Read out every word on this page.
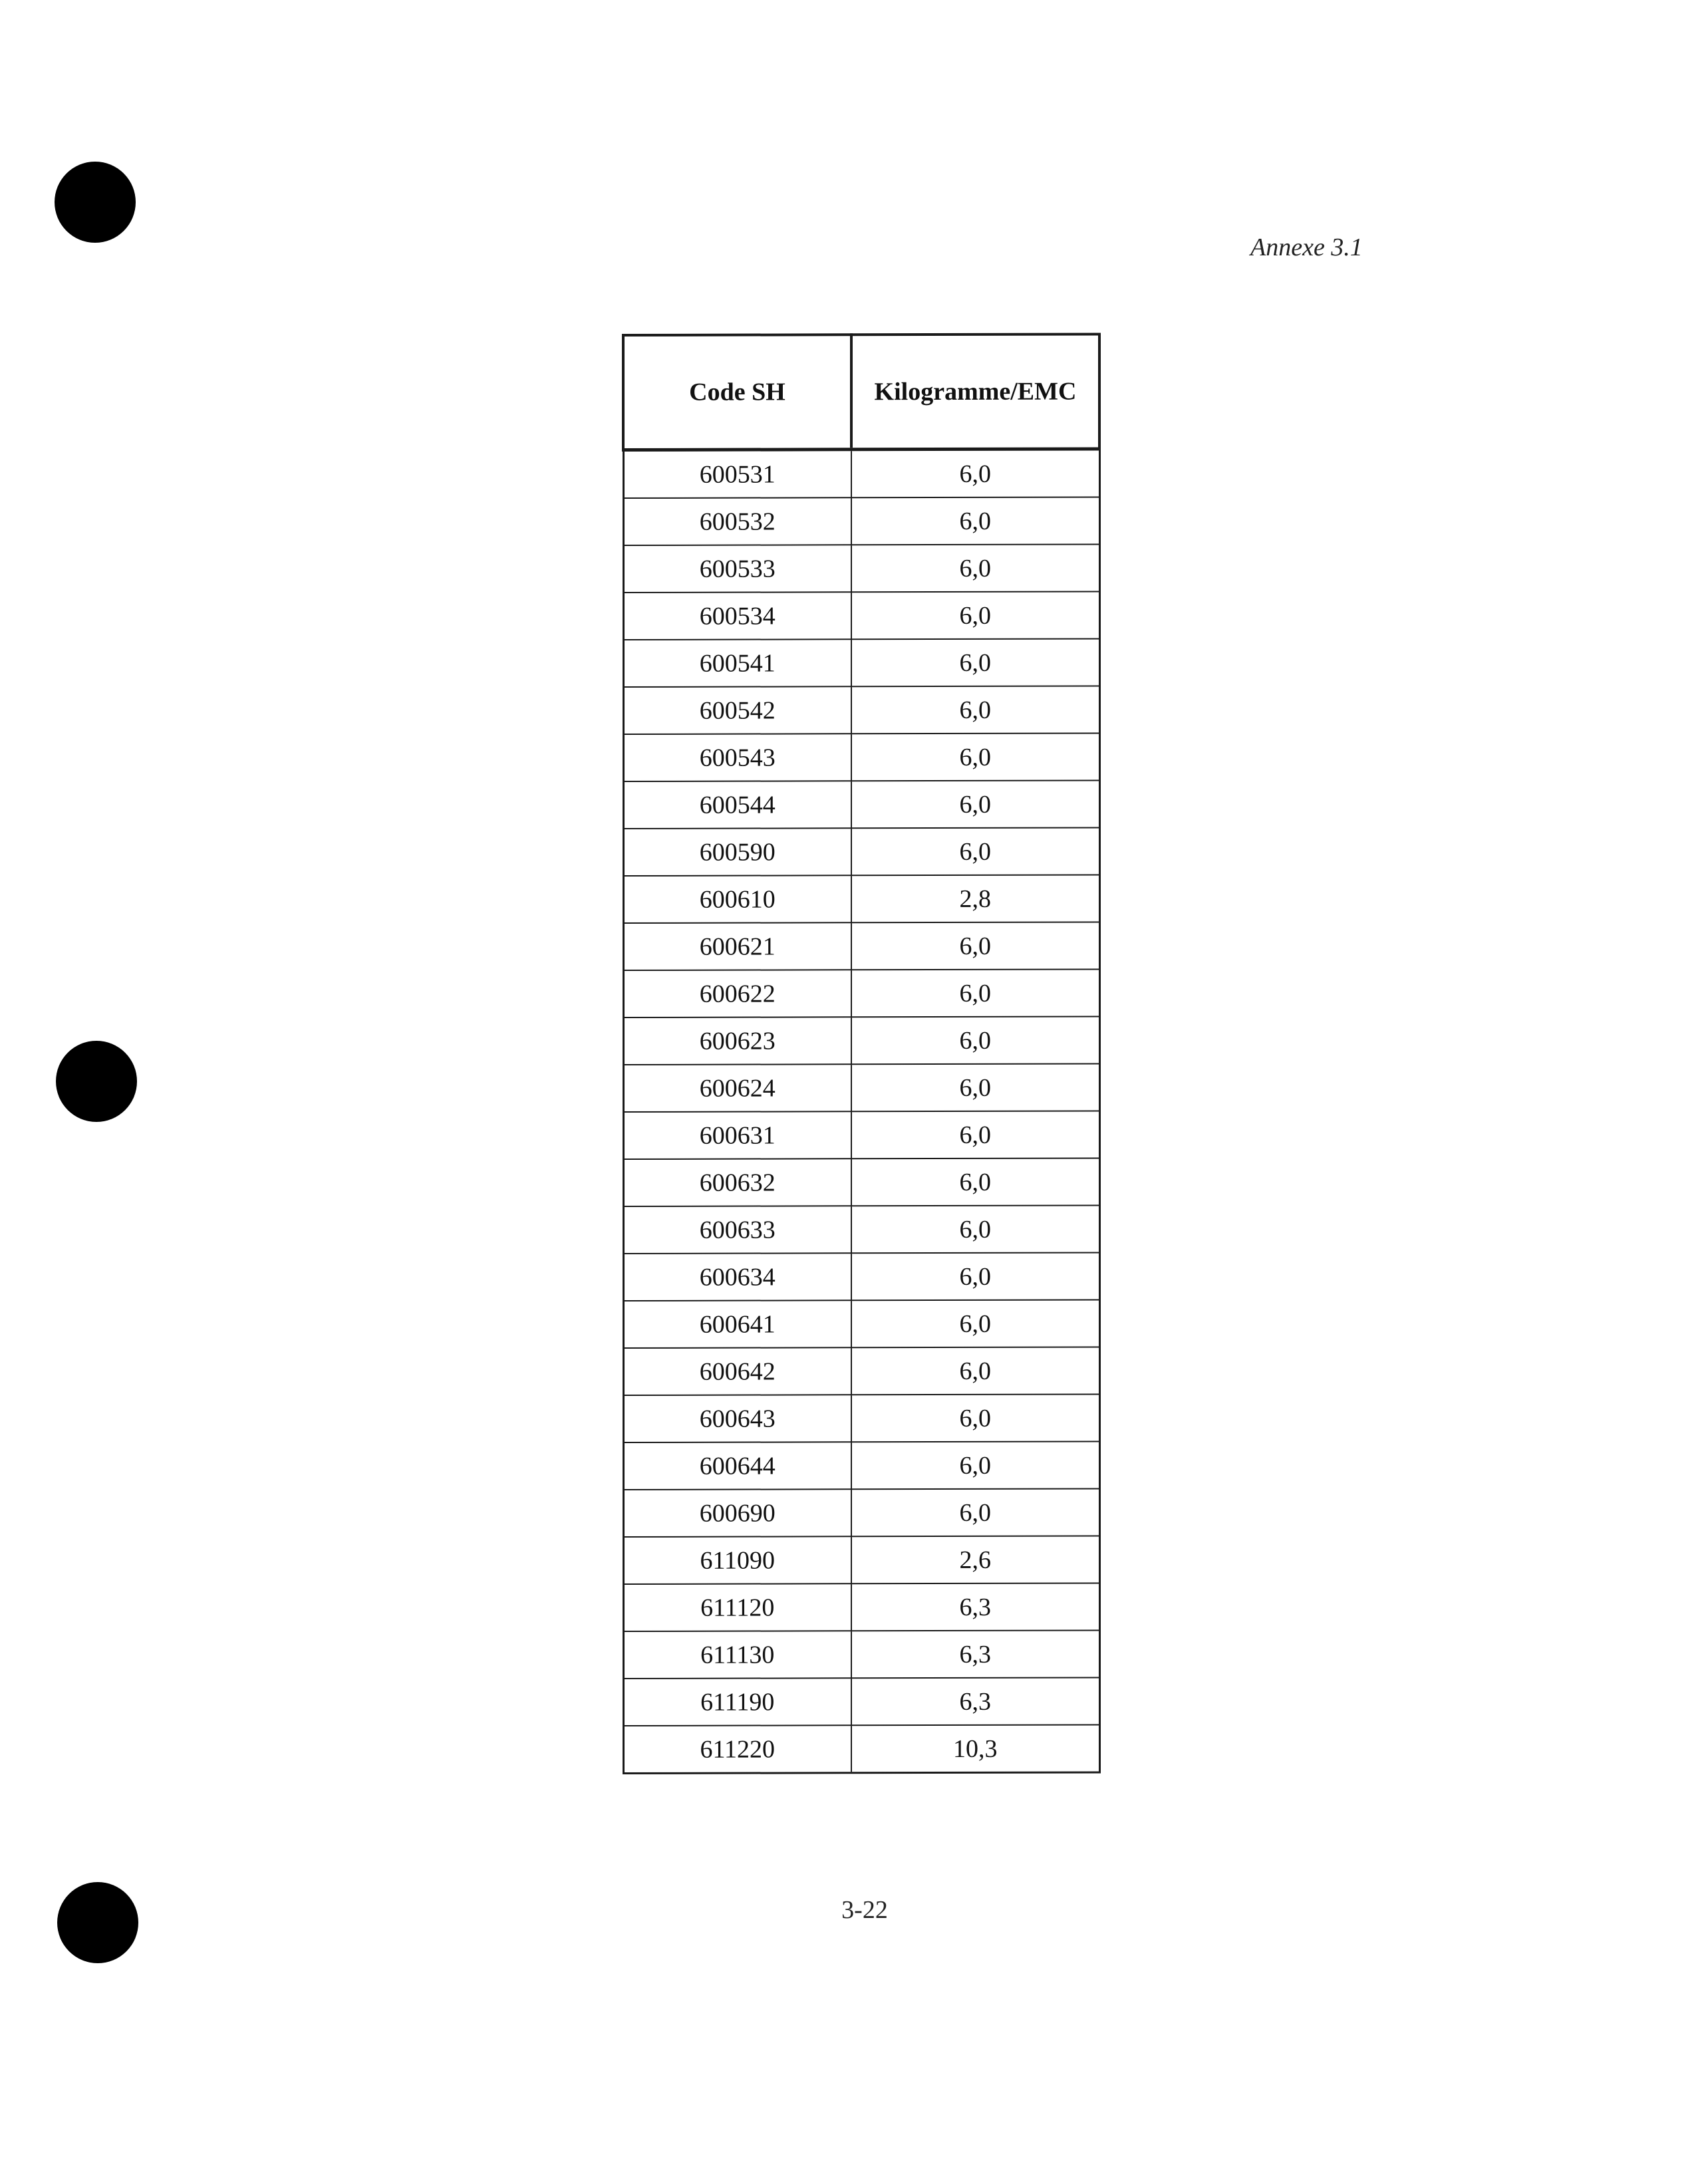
Annexe 3.1
Code SH	Kilogramme/EMC
600531	6,0
600532	6,0
600533	6,0
600534	6,0
600541	6,0
600542	6,0
600543	6,0
600544	6,0
600590	6,0
600610	2,8
600621	6,0
600622	6,0
600623	6,0
600624	6,0
600631	6,0
600632	6,0
600633	6,0
600634	6,0
600641	6,0
600642	6,0
600643	6,0
600644	6,0
600690	6,0
611090	2,6
611120	6,3
611130	6,3
611190	6,3
611220	10,3
3-22
